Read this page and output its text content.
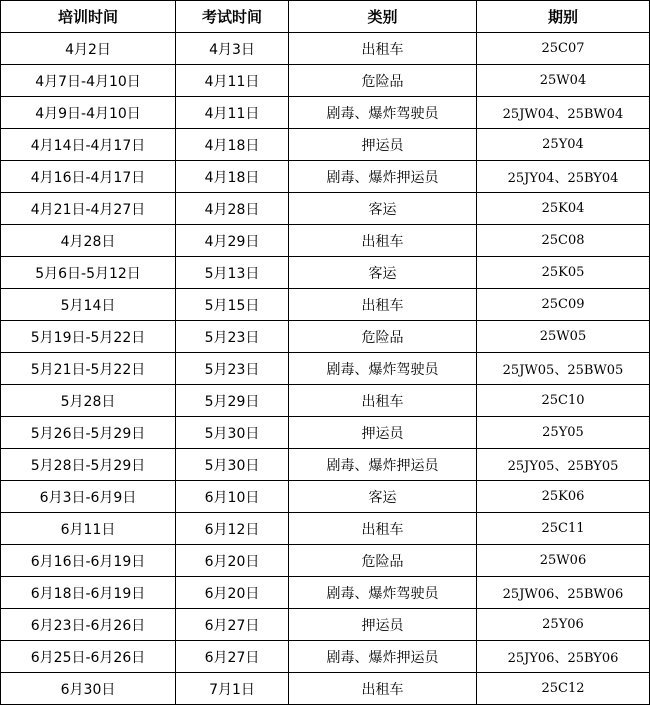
培训时间	考试时间	类别	期别
4月2日	4月3日	出租车	25C07
4月7日-4月10日	4月11日	危险品	25W04
4月9日-4月10日	4月11日	剧毒、爆炸驾驶员	25JW04、25BW04
4月14日-4月17日	4月18日	押运员	25Y04
4月16日-4月17日	4月18日	剧毒、爆炸押运员	25JY04、25BY04
4月21日-4月27日	4月28日	客运	25K04
4月28日	4月29日	出租车	25C08
5月6日-5月12日	5月13日	客运	25K05
5月14日	5月15日	出租车	25C09
5月19日-5月22日	5月23日	危险品	25W05
5月21日-5月22日	5月23日	剧毒、爆炸驾驶员	25JW05、25BW05
5月28日	5月29日	出租车	25C10
5月26日-5月29日	5月30日	押运员	25Y05
5月28日-5月29日	5月30日	剧毒、爆炸押运员	25JY05、25BY05
6月3日-6月9日	6月10日	客运	25K06
6月11日	6月12日	出租车	25C11
6月16日-6月19日	6月20日	危险品	25W06
6月18日-6月19日	6月20日	剧毒、爆炸驾驶员	25JW06、25BW06
6月23日-6月26日	6月27日	押运员	25Y06
6月25日-6月26日	6月27日	剧毒、爆炸押运员	25JY06、25BY06
6月30日	7月1日	出租车	25C12
